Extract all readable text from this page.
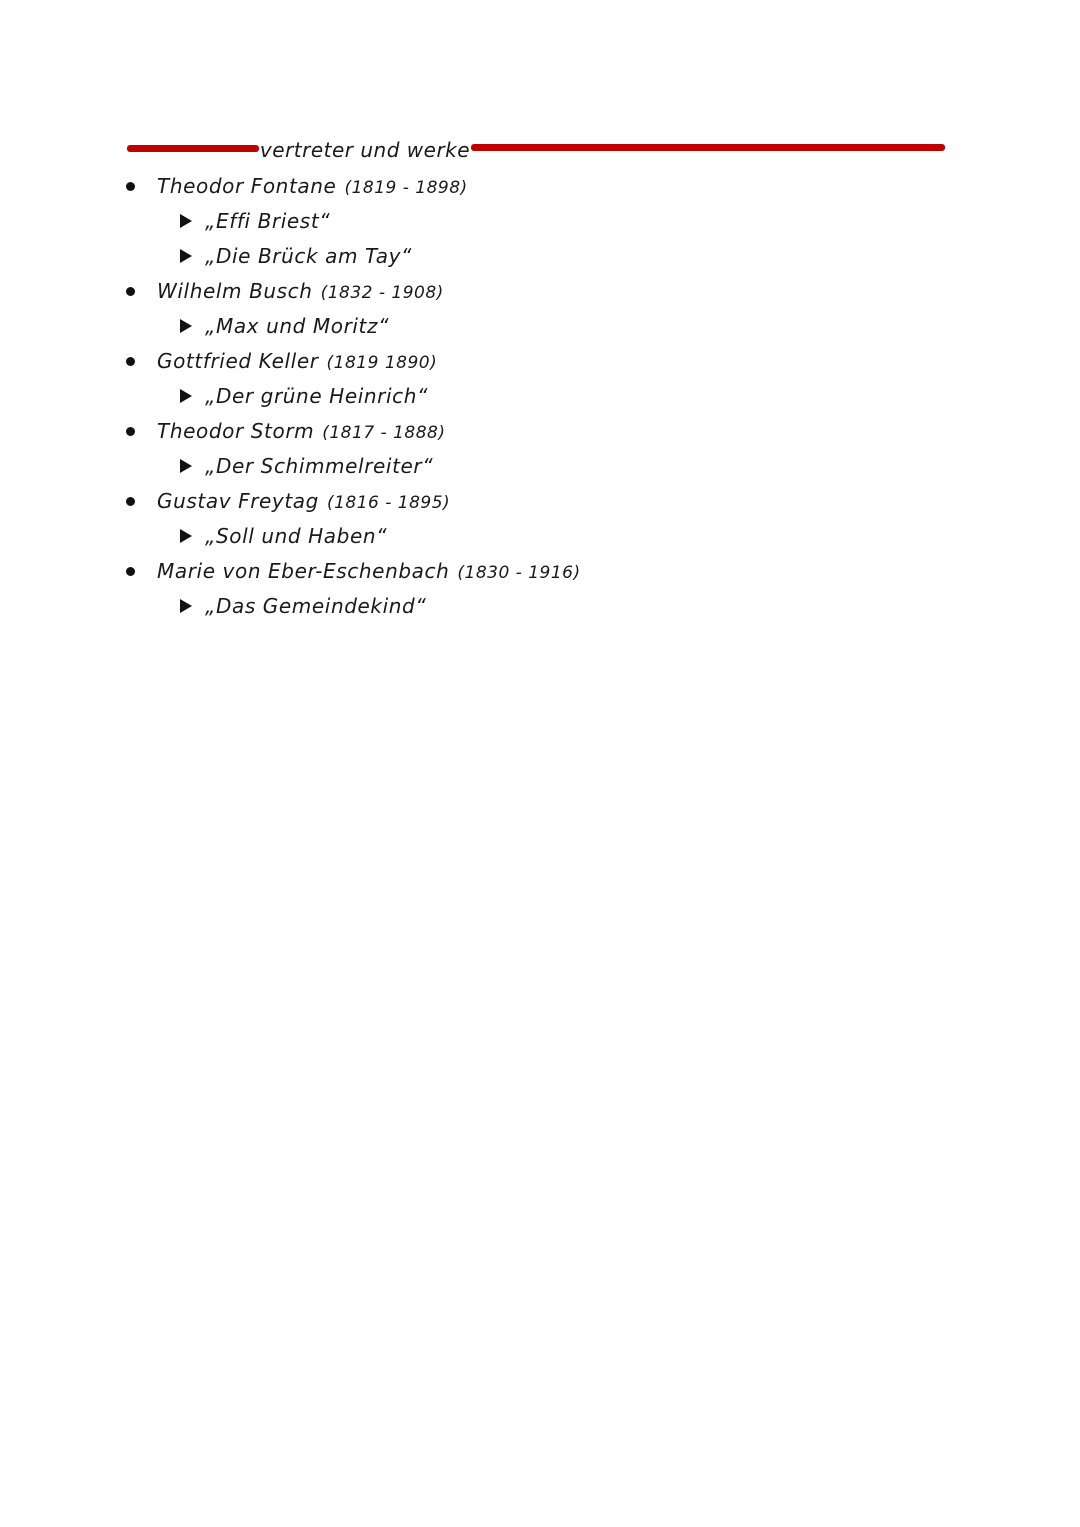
vertreter und werke
Theodor Fontane (1819 - 1898)
„Effi Briest“
„Die Brück am Tay“
Wilhelm Busch (1832 - 1908)
„Max und Moritz“
Gottfried Keller (1819 1890)
„Der grüne Heinrich“
Theodor Storm (1817 - 1888)
„Der Schimmelreiter“
Gustav Freytag (1816 - 1895)
„Soll und Haben“
Marie von Eber-Eschenbach (1830 - 1916)
„Das Gemeindekind“
